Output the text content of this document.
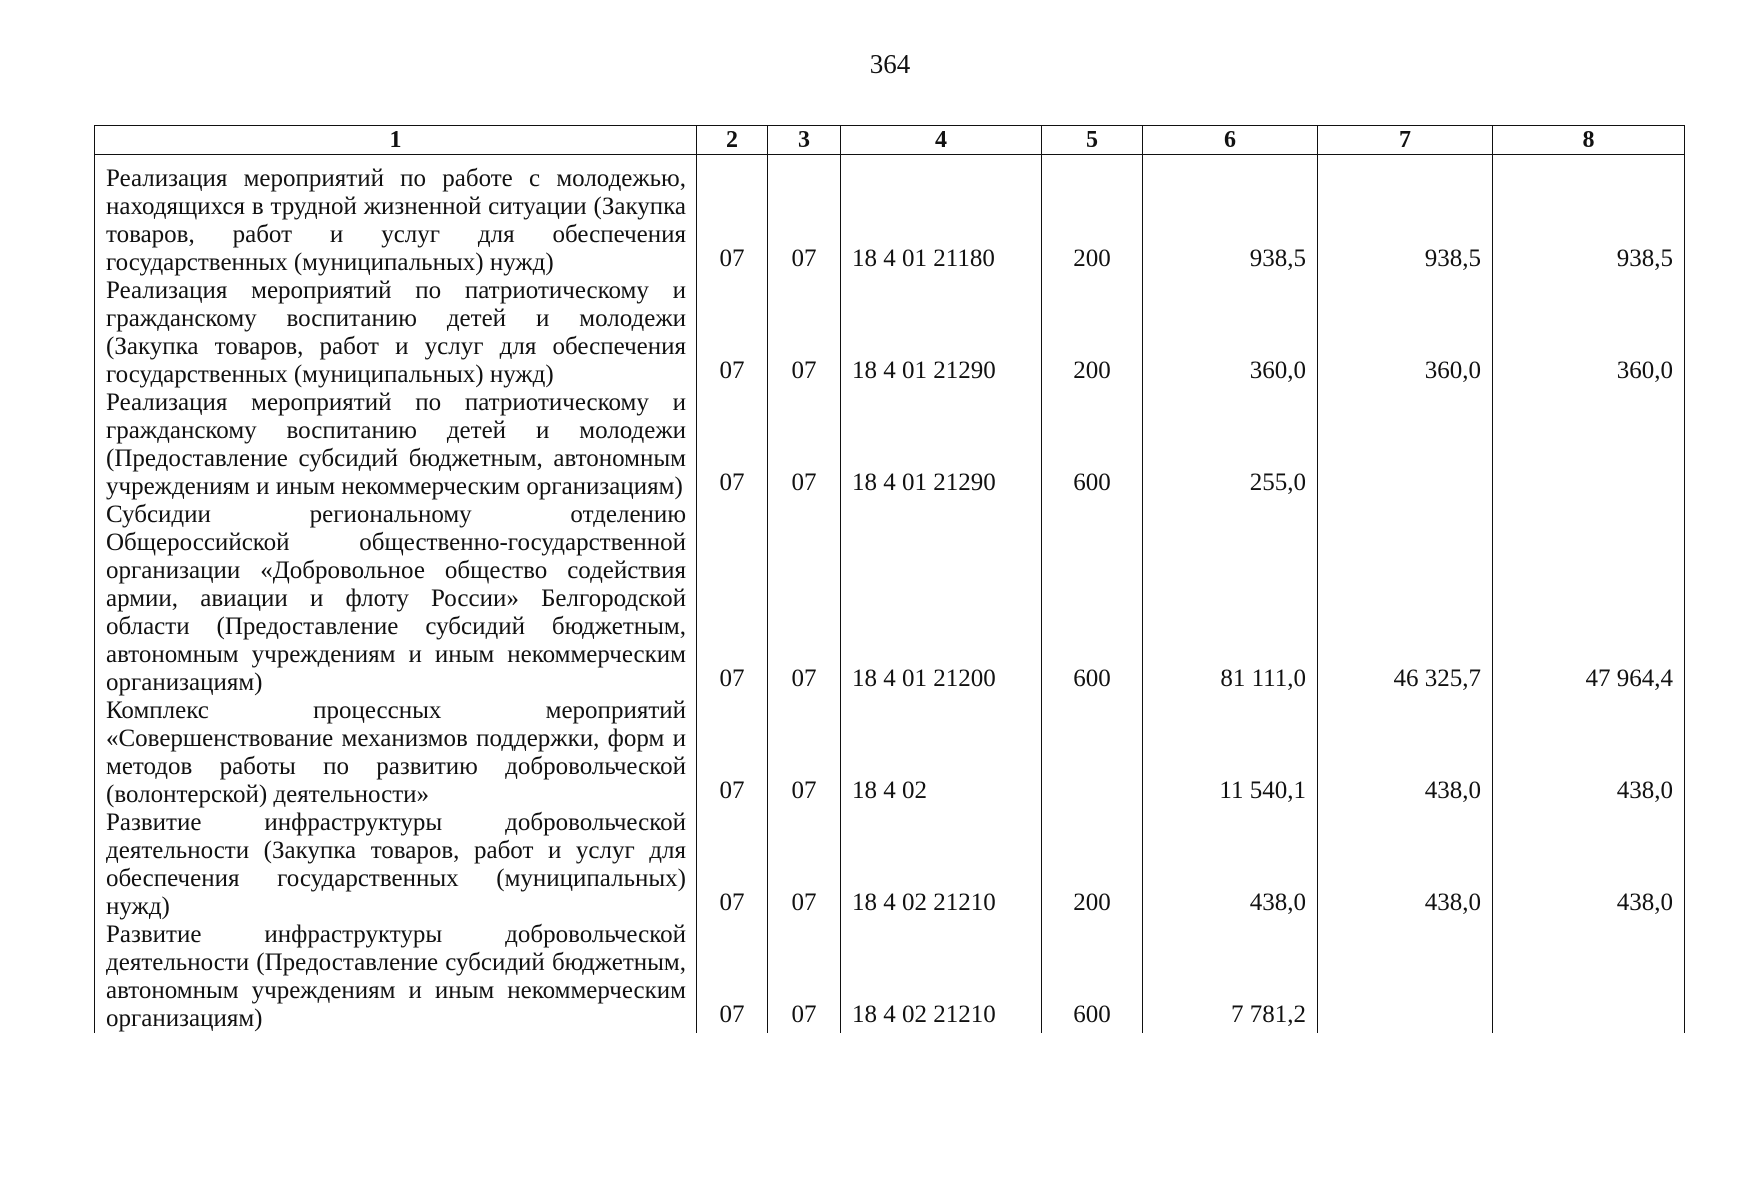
364
1	2	3	4	5	6	7	8
Реализация мероприятий по работе с молодежью, находящихся в трудной жизненной ситуации (Закупка товаров, работ и услуг для обеспечения государственных (муниципальных) нужд)	07	07	18 4 01 21180	200	938,5	938,5	938,5
Реализация мероприятий по патриотическому и гражданскому воспитанию детей и молодежи (Закупка товаров, работ и услуг для обеспечения государственных (муниципальных) нужд)	07	07	18 4 01 21290	200	360,0	360,0	360,0
Реализация мероприятий по патриотическому и гражданскому воспитанию детей и молодежи (Предоставление субсидий бюджетным, автономным учреждениям и иным некоммерческим организациям)	07	07	18 4 01 21290	600	255,0		
Субсидии региональному отделению Общероссийской общественно-государственной организации «Добровольное общество содействия армии, авиации и флоту России» Белгородской области (Предоставление субсидий бюджетным, автономным учреждениям и иным некоммерческим организациям)	07	07	18 4 01 21200	600	81 111,0	46 325,7	47 964,4
Комплекс процессных мероприятий «Совершенствование механизмов поддержки, форм и методов работы по развитию добровольческой (волонтерской) деятельности»	07	07	18 4 02		11 540,1	438,0	438,0
Развитие инфраструктуры добровольческой деятельности (Закупка товаров, работ и услуг для обеспечения государственных (муниципальных) нужд)	07	07	18 4 02 21210	200	438,0	438,0	438,0
Развитие инфраструктуры добровольческой деятельности (Предоставление субсидий бюджетным, автономным учреждениям и иным некоммерческим организациям)	07	07	18 4 02 21210	600	7 781,2		
